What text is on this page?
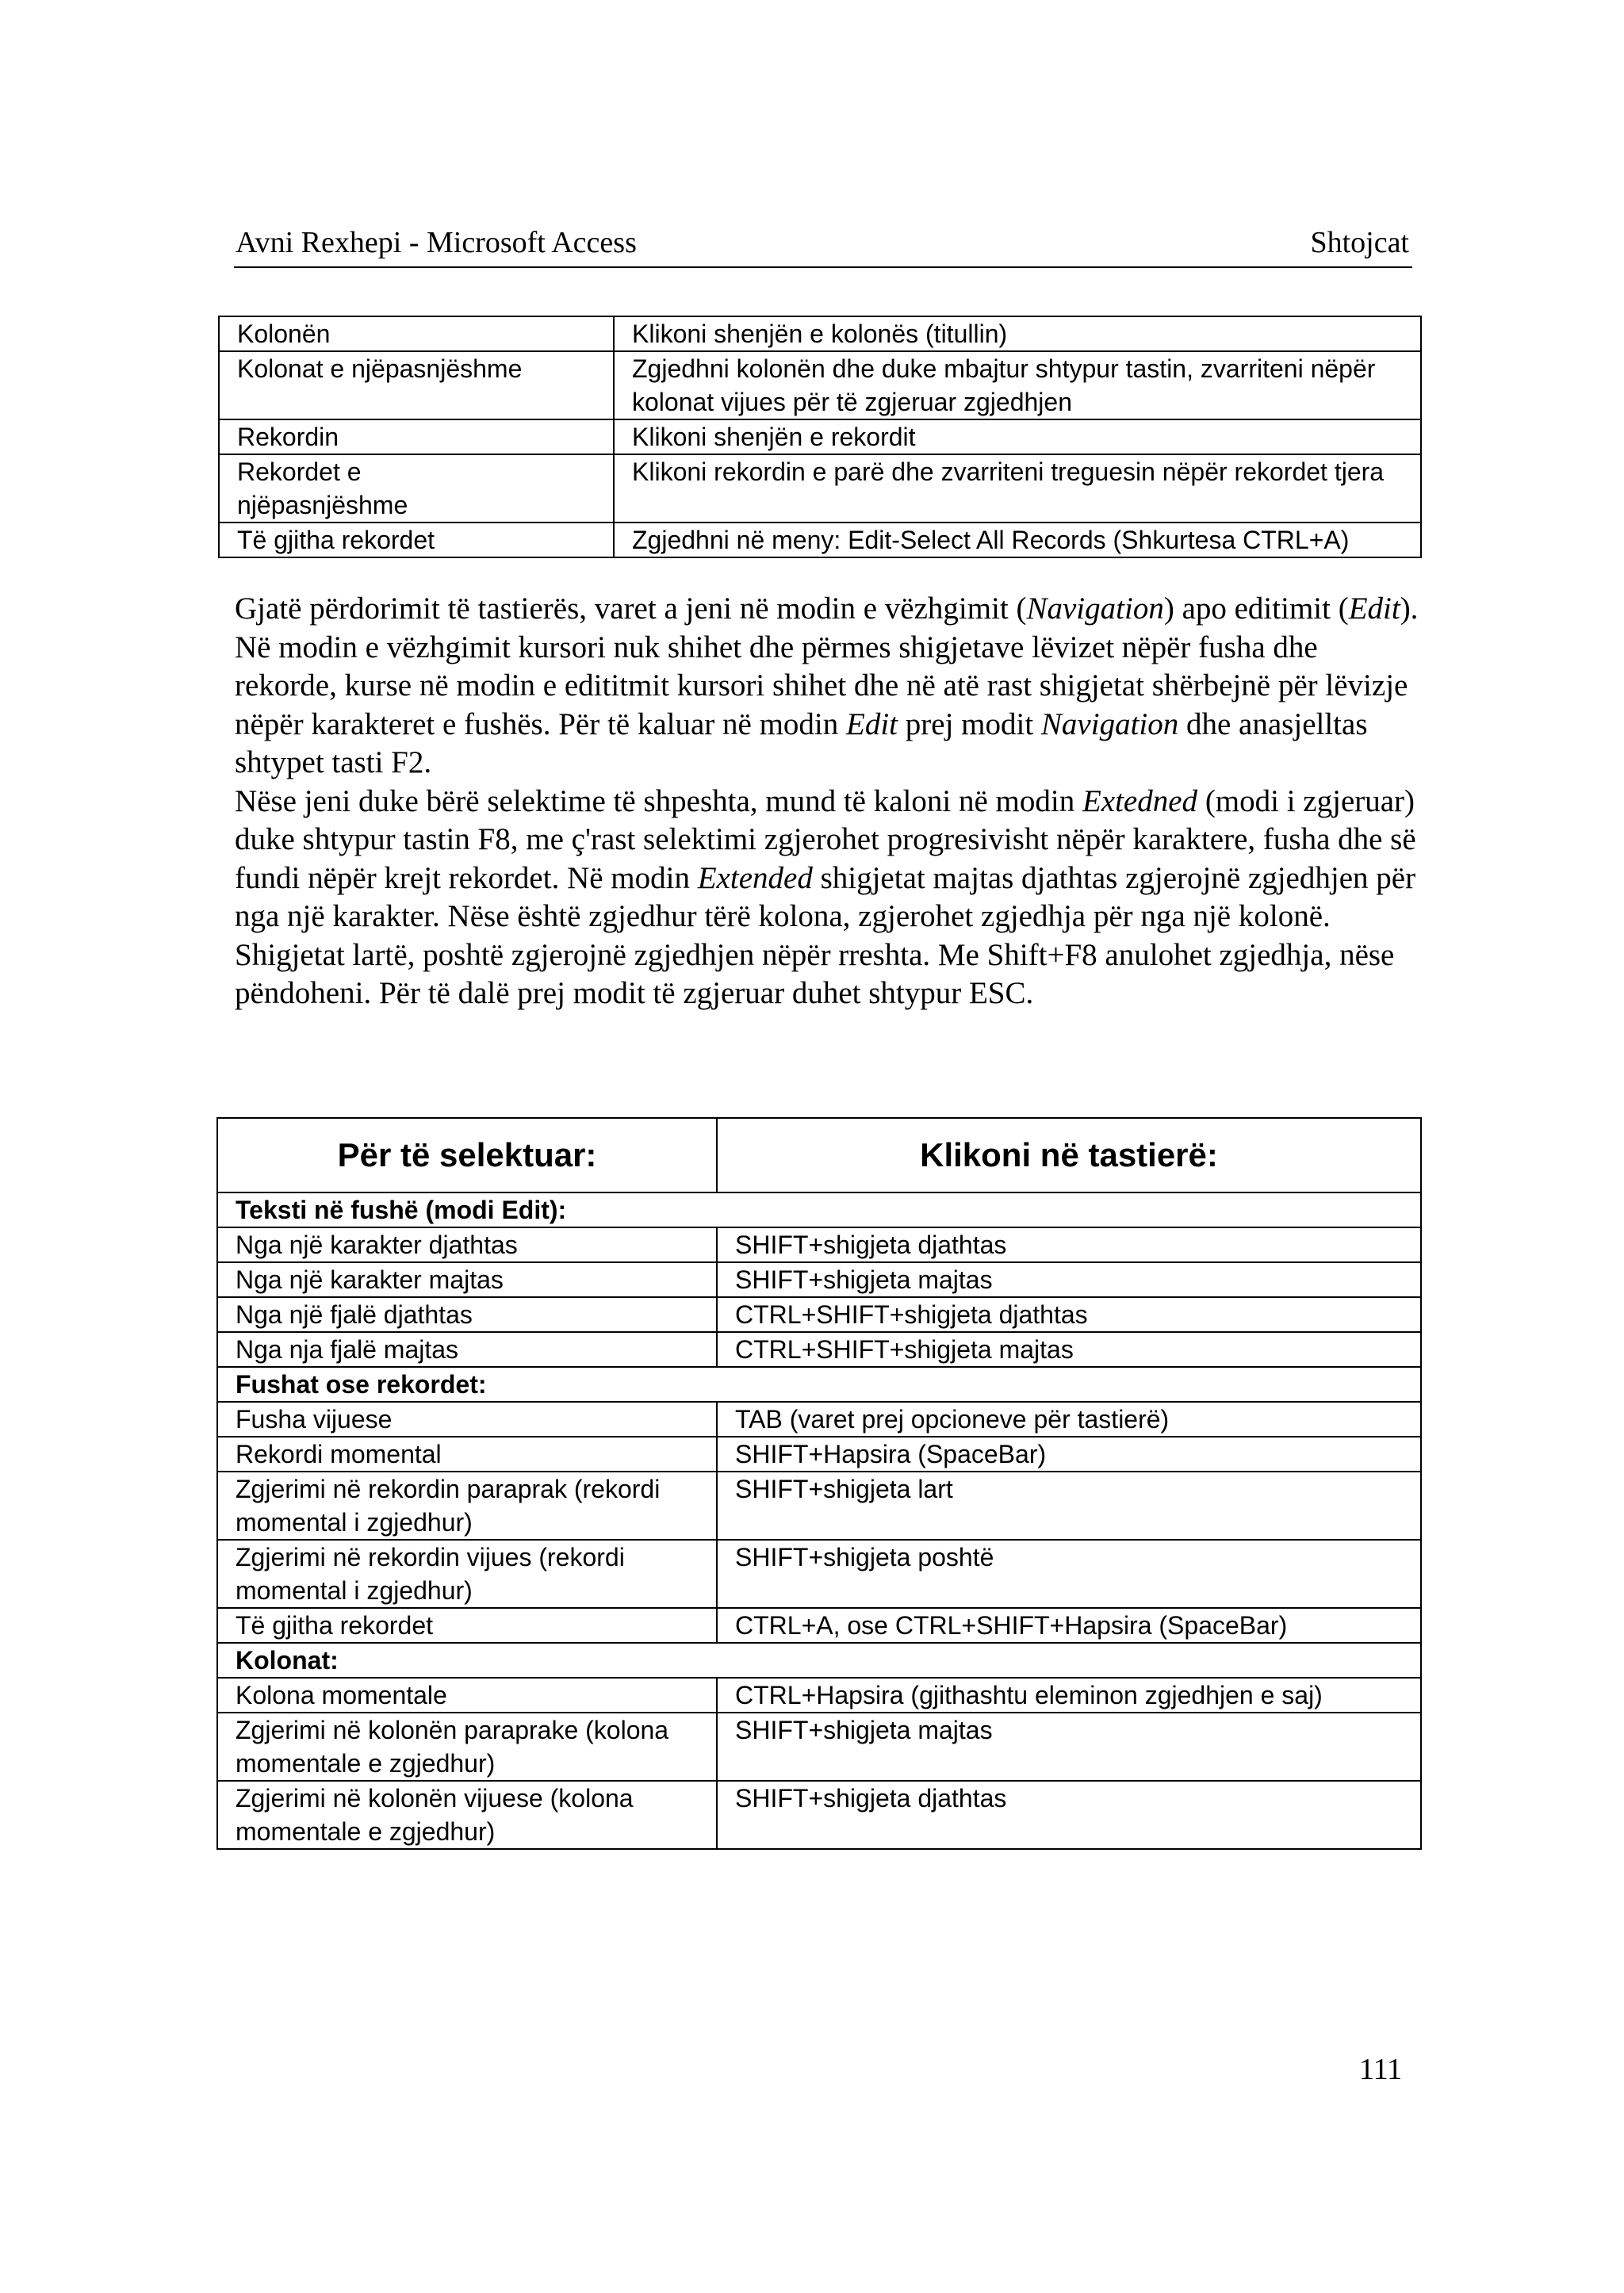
Avni Rexhepi - Microsoft Access	Shtojcat
Kolonën	Klikoni shenjën e kolonës (titullin)
Kolonat e njëpasnjëshme	Zgjedhni kolonën dhe duke mbajtur shtypur tastin, zvarriteni nëpër kolonat vijues për të zgjeruar zgjedhjen
Rekordin	Klikoni shenjën e rekordit
Rekordet e njëpasnjëshme	Klikoni rekordin e parë dhe zvarriteni treguesin nëpër rekordet tjera
Të gjitha rekordet	Zgjedhni në meny: Edit-Select All Records (Shkurtesa CTRL+A)
Gjatë përdorimit të tastierës, varet a jeni në modin e vëzhgimit (Navigation) apo editimit (Edit). Në modin e vëzhgimit kursori nuk shihet dhe përmes shigjetave lëvizet nëpër fusha dhe rekorde, kurse në modin e edititmit kursori shihet dhe në atë rast shigjetat shërbejnë për lëvizje nëpër karakteret e fushës. Për të kaluar në modin Edit prej modit Navigation dhe anasjelltas shtypet tasti F2.
Nëse jeni duke bërë selektime të shpeshta, mund të kaloni në modin Extedned (modi i zgjeruar) duke shtypur tastin F8, me ç'rast selektimi zgjerohet progresivisht nëpër karaktere, fusha dhe së fundi nëpër krejt rekordet. Në modin Extended shigjetat majtas djathtas zgjerojnë zgjedhjen për nga një karakter. Nëse është zgjedhur tërë kolona, zgjerohet zgjedhja për nga një kolonë. Shigjetat lartë, poshtë zgjerojnë zgjedhjen nëpër rreshta. Me Shift+F8 anulohet zgjedhja, nëse pëndoheni. Për të dalë prej modit të zgjeruar duhet shtypur ESC.
Për të selektuar:	Klikoni në tastierë:
Teksti në fushë (modi Edit):	
Nga një karakter djathtas	SHIFT+shigjeta djathtas
Nga një karakter majtas	SHIFT+shigjeta majtas
Nga një fjalë djathtas	CTRL+SHIFT+shigjeta djathtas
Nga nja fjalë majtas	CTRL+SHIFT+shigjeta majtas
Fushat ose rekordet:	
Fusha vijuese	TAB (varet prej opcioneve për tastierë)
Rekordi momental	SHIFT+Hapsira (SpaceBar)
Zgjerimi në rekordin paraprak (rekordi momental i zgjedhur)	SHIFT+shigjeta lart
Zgjerimi në rekordin vijues (rekordi momental i zgjedhur)	SHIFT+shigjeta poshtë
Të gjitha rekordet	CTRL+A, ose CTRL+SHIFT+Hapsira (SpaceBar)
Kolonat:	
Kolona momentale	CTRL+Hapsira (gjithashtu eleminon zgjedhjen e saj)
Zgjerimi në kolonën paraprake (kolona momentale e zgjedhur)	SHIFT+shigjeta majtas
Zgjerimi në kolonën vijuese (kolona momentale e zgjedhur)	SHIFT+shigjeta djathtas
111
